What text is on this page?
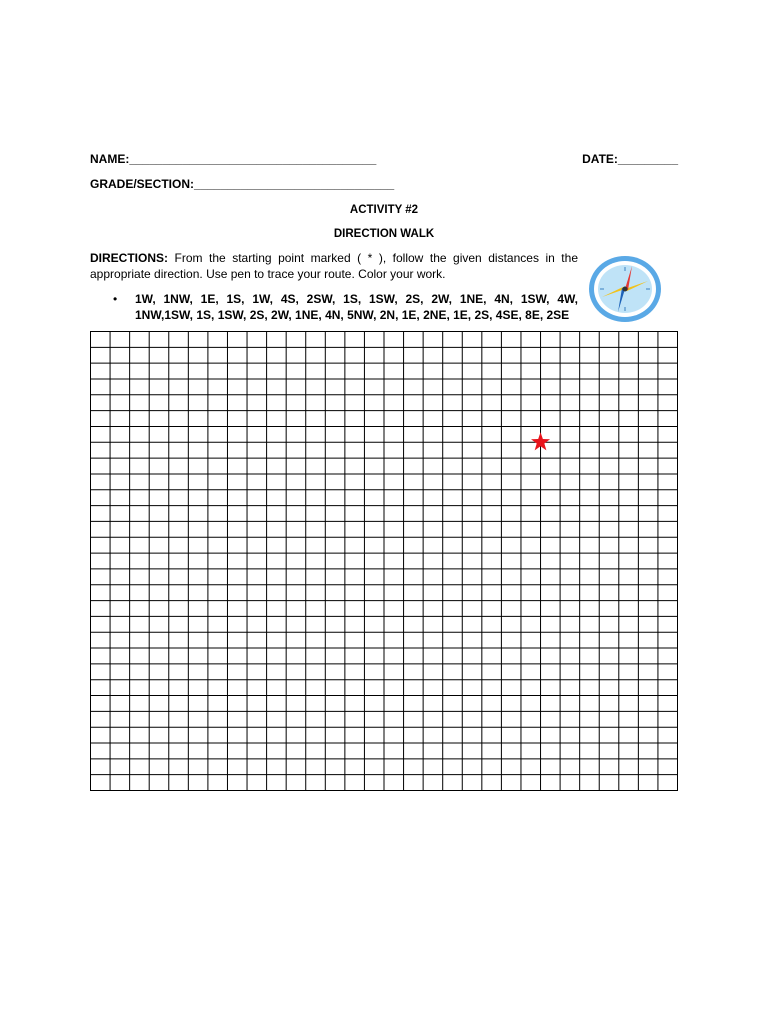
NAME:_____________________________________	DATE:_________
GRADE/SECTION:______________________________
ACTIVITY #2
DIRECTION WALK
DIRECTIONS: From the starting point marked ( * ), follow the given distances in the appropriate direction. Use pen to trace your route. Color your work.
• 1W, 1NW, 1E, 1S, 1W, 4S, 2SW, 1S, 1SW, 2S, 2W, 1NE, 4N, 1SW, 4W,
1NW,1SW, 1S, 1SW, 2S, 2W, 1NE, 4N, 5NW, 2N, 1E, 2NE, 1E, 2S, 4SE, 8E, 2SE
